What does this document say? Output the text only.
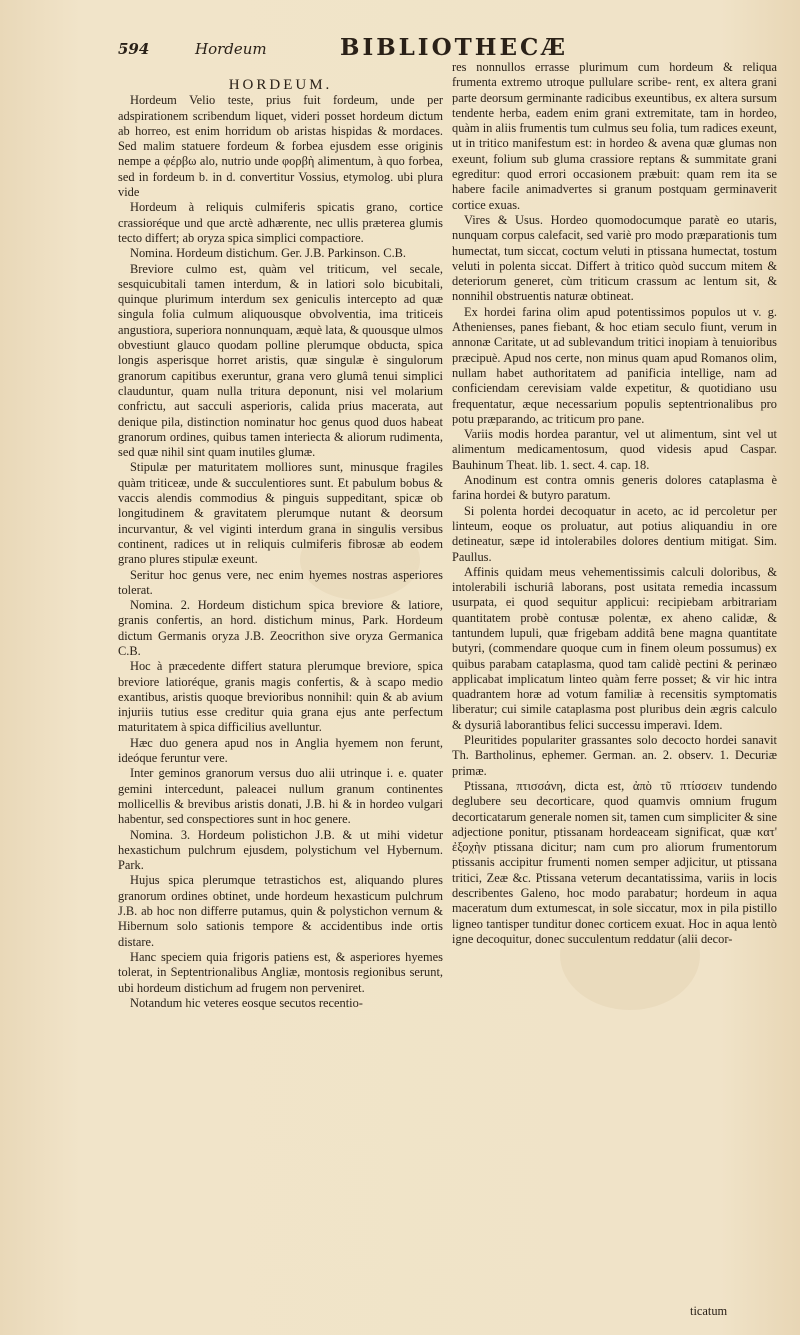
594	Hordeum	BIBLIOTHECÆ

HORDEUM.

Hordeum Velio teste, prius fuit fordeum, unde per adspirationem scribendum liquet, videri posset hordeum dictum ab horreo, est enim horridum ob aristas hispidas & mordaces. Sed malim statuere fordeum & forbea ejusdem esse originis nempe a φέρβω alo, nutrio unde φορβὴ alimentum, à quo forbea, sed in fordeum b. in d. convertitur Vossius, etymolog. ubi plura vide

Hordeum à reliquis culmiferis spicatis grano, cortice crassioréque und que arctè adhærente, nec ullis præterea glumis tecto differt; ab oryza spica simplici compactiore.

Nomina. Hordeum distichum. Ger. J.B. Parkinson. C.B.

Breviore culmo est, quàm vel triticum, vel secale, sesquicubitali tamen interdum, & in latiori solo bicubitali, quinque plurimum interdum sex geniculis intercepto ad quæ singula folia culmum aliquousque obvolventia, ima triticeis angustiora, superiora nonnunquam, æquè lata, & quousque ulmos obvestiunt glauco quodam polline plerumque obducta, spica longis asperisque horret aristis, quæ singulæ è singulorum granorum capitibus exeruntur, grana vero glumâ tenui simplici clauduntur, quam nulla tritura deponunt, nisi vel molarium confrictu, aut sacculi asperioris, calida prius macerata, aut denique pila, distinction nominatur hoc genus quod duos habeat granorum ordines, quibus tamen interiecta & aliorum rudimenta, sed quæ nihil sint quam inutiles glumæ.

Stipulæ per maturitatem molliores sunt, minusque fragiles quàm triticeæ, unde & succulentiores sunt. Et pabulum bobus & vaccis alendis commodius & pinguis suppeditant, spicæ ob longitudinem & gravitatem plerumque nutant & deorsum incurvantur, & vel viginti interdum grana in singulis versibus continent, radices ut in reliquis culmiferis fibrosæ ab eodem grano plures stipulæ exeunt.

Seritur hoc genus vere, nec enim hyemes nostras asperiores tolerat.

Nomina. 2. Hordeum distichum spica breviore & latiore, granis confertis, an hord. distichum minus, Park. Hordeum dictum Germanis oryza J.B. Zeocrithon sive oryza Germanica C.B.

Hoc à præcedente differt statura plerumque breviore, spica breviore latioréque, granis magis confertis, & à scapo medio exantibus, aristis quoque brevioribus nonnihil: quin & ab avium injuriis tutius esse creditur quia grana ejus ante perfectum maturitatem à spica difficilius avelluntur.

Hæc duo genera apud nos in Anglia hyemem non ferunt, ideóque feruntur vere.

Inter geminos granorum versus duo alii utrinque i. e. quater gemini intercedunt, paleacei nullum granum continentes mollicellis & brevibus aristis donati, J.B. hi & in hordeo vulgari habentur, sed conspectiores sunt in hoc genere.

Nomina. 3. Hordeum polistichon J.B. & ut mihi videtur hexastichum pulchrum ejusdem, polystichum vel Hybernum. Park.

Hujus spica plerumque tetrastichos est, aliquando plures granorum ordines obtinet, unde hordeum hexasticum pulchrum J.B. ab hoc non differre putamus, quin & polystichon vernum & Hibernum solo sationis tempore & accidentibus inde ortis distare.

Hanc speciem quia frigoris patiens est, & asperiores hyemes tolerat, in Septentrionalibus Angliæ, montosis regionibus serunt, ubi hordeum distichum ad frugem non perveniret.

Notandum hic veteres eosque secutos recentio-

res nonnullos errasse plurimum cum hordeum & reliqua frumenta extremo utroque pullulare scribe- rent, ex altera grani parte deorsum germinante radicibus exeuntibus, ex altera sursum tendente herba, eadem enim grani extremitate, tam in hordeo, quàm in aliis frumentis tum culmus seu folia, tum radices exeunt, ut in tritico manifestum est: in hordeo & avena quæ glumas non exeunt, folium sub gluma crassiore reptans & summitate grani egreditur: quod errori occasionem præbuit: quam rem ita se habere facile animadvertes si granum postquam germinaverit cortice exuas.

Vires & Usus. Hordeo quomodocumque paratè eo utaris, nunquam corpus calefacit, sed variè pro modo præparationis tum humectat, tum siccat, coctum veluti in ptissana humectat, tostum veluti in polenta siccat. Differt à tritico quòd succum mitem & deteriorum generet, cùm triticum crassum ac lentum sit, & nonnihil obstruentis naturæ obtineat.

Ex hordei farina olim apud potentissimos populos ut v. g. Athenienses, panes fiebant, & hoc etiam seculo fiunt, verum in annonæ Caritate, ut ad sublevandum tritici inopiam à tenuioribus præcipuè. Apud nos certe, non minus quam apud Romanos olim, nullam habet authoritatem ad panificia intellige, nam ad conficiendam cerevisiam valde expetitur, & quotidiano usu frequentatur, æque necessarium populis septentrionalibus pro potu præparando, ac triticum pro pane.

Variis modis hordea parantur, vel ut alimentum, sint vel ut alimentum medicamentosum, quod videsis apud Caspar. Bauhinum Theat. lib. 1. sect. 4. cap. 18.

Anodinum est contra omnis generis dolores cataplasma è farina hordei & butyro paratum.

Si polenta hordei decoquatur in aceto, ac id percoletur per linteum, eoque os proluatur, aut potius aliquandiu in ore detineatur, sæpe id intolerabiles dolores dentium mitigat. Sim. Paullus.

Affinis quidam meus vehementissimis calculi doloribus, & intolerabili ischuriâ laborans, post usitata remedia incassum usurpata, ei quod sequitur applicui: recipiebam arbitrariam quantitatem probè contusæ polentæ, ex aheno calidæ, & tantundem lupuli, quæ frigebam additâ bene magna quantitate butyri, (commendare quoque cum in finem oleum possumus) ex quibus parabam cataplasma, quod tam calidè pectini & perinæo applicabat implicatum linteo quàm ferre posset; & vir hic intra quadrantem horæ ad votum familiæ à recensitis symptomatis liberatur; cui simile cataplasma post pluribus dein ægris calculo & dysuriâ laborantibus felici successu imperavi. Idem.

Pleuritides populariter grassantes solo decocto hordei sanavit Th. Bartholinus, ephemer. German. an. 2. observ. 1. Decuriæ primæ.

Ptissana, πτισσάνη, dicta est, ἀπὸ τῦ πτίσσειν tundendo deglubere seu decorticare, quod quamvis omnium frugum decorticatarum generale nomen sit, tamen cum simpliciter & sine adjectione ponitur, ptissanam hordeaceam significat, quæ κατ' ἐξοχὴν ptissana dicitur; nam cum pro aliorum frumentorum ptissanis accipitur frumenti nomen semper adjicitur, ut ptissana tritici, Zeæ &c. Ptissana veterum decantatissima, variis in locis describentes Galeno, hoc modo parabatur; hordeum in aqua maceratum dum extumescat, in sole siccatur, mox in pila pistillo ligneo tantisper tunditur donec corticem exuat. Hoc in aqua lentò igne decoquitur, donec succulentum reddatur (alii decor-

ticatum
